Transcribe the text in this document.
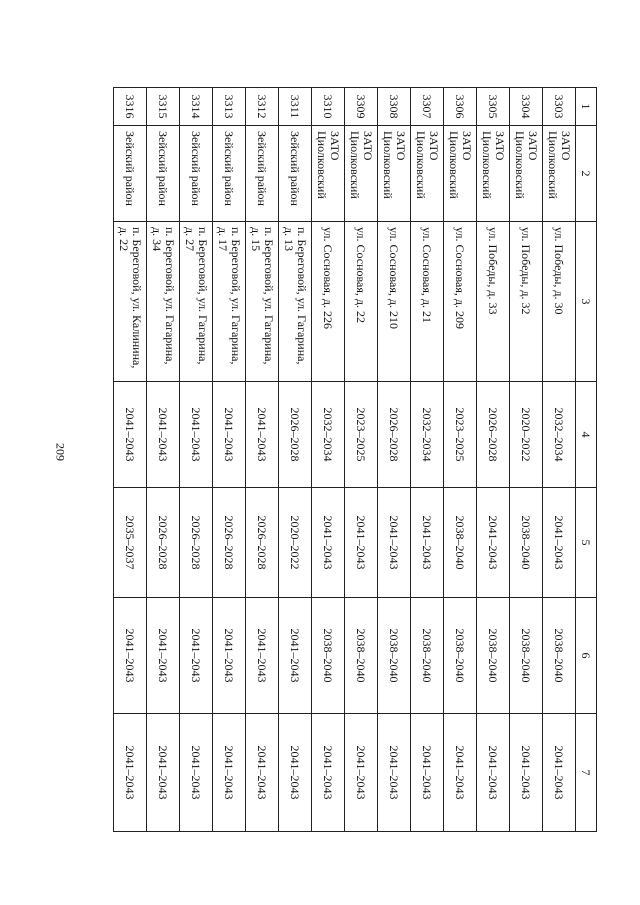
209
1	2	3	4	5	6	7
3303	ЗАТО Циолковский	ул. Победы, д. 30	2032–2034	2041–2043	2038–2040	2041–2043
3304	ЗАТО Циолковский	ул. Победы, д. 32	2020–2022	2038–2040	2038–2040	2041–2043
3305	ЗАТО Циолковский	ул. Победы, д. 33	2026–2028	2041–2043	2038–2040	2041–2043
3306	ЗАТО Циолковский	ул. Сосновая, д. 209	2023–2025	2038–2040	2038–2040	2041–2043
3307	ЗАТО Циолковский	ул. Сосновая, д. 21	2032–2034	2041–2043	2038–2040	2041–2043
3308	ЗАТО Циолковский	ул. Сосновая, д. 210	2026–2028	2041–2043	2038–2040	2041–2043
3309	ЗАТО Циолковский	ул. Сосновая, д. 22	2023–2025	2041–2043	2038–2040	2041–2043
3310	ЗАТО Циолковский	ул. Сосновая, д. 226	2032–2034	2041–2043	2038–2040	2041–2043
3311	Зейский район	п. Береговой, ул. Гагарина, д. 13	2026–2028	2020–2022	2041–2043	2041–2043
3312	Зейский район	п. Береговой, ул. Гагарина, д. 15	2041–2043	2026–2028	2041–2043	2041–2043
3313	Зейский район	п. Береговой, ул. Гагарина, д. 17	2041–2043	2026–2028	2041–2043	2041–2043
3314	Зейский район	п. Береговой, ул. Гагарина, д. 27	2041–2043	2026–2028	2041–2043	2041–2043
3315	Зейский район	п. Береговой, ул. Гагарина, д. 34	2041–2043	2026–2028	2041–2043	2041–2043
3316	Зейский район	п. Береговой, ул. Калинина, д. 22	2041–2043	2035–2037	2041–2043	2041–2043
